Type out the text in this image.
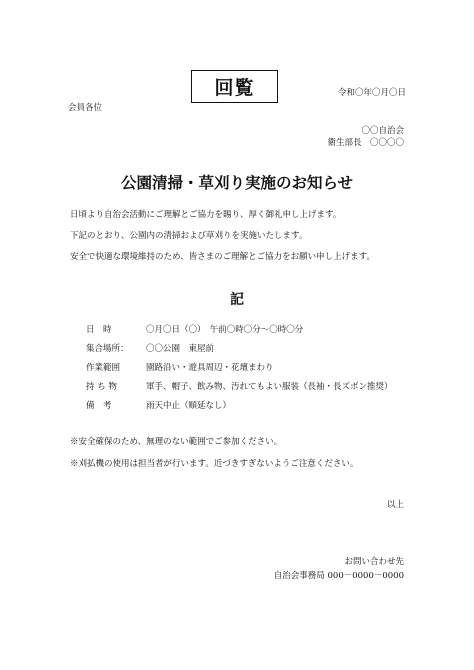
回覧	令和〇年〇月〇日
会員各位
〇〇自治会
衛生部長　〇〇〇〇
公園清掃・草刈り実施のお知らせ
日頃より自治会活動にご理解とご協力を賜り、厚く御礼申し上げます。
下記のとおり、公園内の清掃および草刈りを実施いたします。
安全で快適な環境維持のため、皆さまのご理解とご協力をお願い申し上げます。
記
日　時	〇月〇日（〇）　午前〇時〇分～〇時〇分
集合場所：	〇〇公園　東屋前
作業範囲	園路沿い・遊具周辺・花壇まわり
持 ち 物	軍手、帽子、飲み物、汚れてもよい服装（長袖・長ズボン推奨）
備　考	雨天中止（順延なし）
※安全確保のため、無理のない範囲でご参加ください。
※刈払機の使用は担当者が行います。近づきすぎないようご注意ください。
以上
お問い合わせ先
自治会事務局 000－0000－0000
